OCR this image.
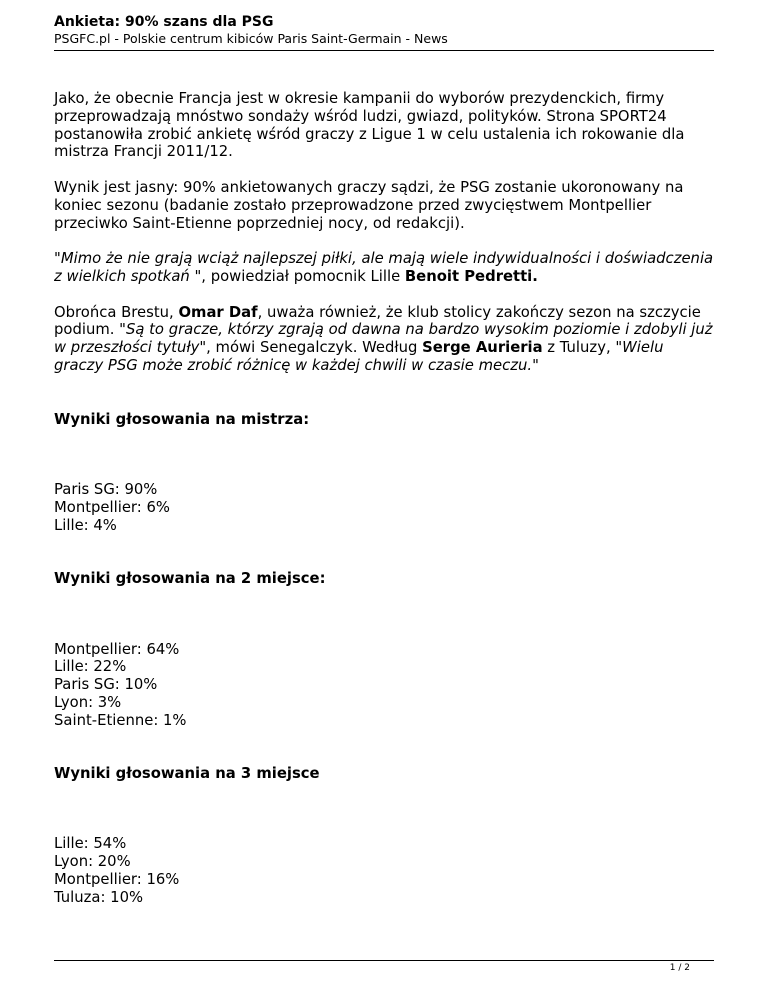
Ankieta: 90% szans dla PSG
PSGFC.pl - Polskie centrum kibiców Paris Saint-Germain - News

Jako, że obecnie Francja jest w okresie kampanii do wyborów prezydenckich, firmy przeprowadzają mnóstwo sondaży wśród ludzi, gwiazd, polityków. Strona SPORT24 postanowiła zrobić ankietę wśród graczy z Ligue 1 w celu ustalenia ich rokowanie dla mistrza Francji 2011/12.

Wynik jest jasny: 90% ankietowanych graczy sądzi, że PSG zostanie ukoronowany na koniec sezonu (badanie zostało przeprowadzone przed zwycięstwem Montpellier przeciwko Saint-Etienne poprzedniej nocy, od redakcji).

"Mimo że nie grają wciąż najlepszej piłki, ale mają wiele indywidualności i doświadczenia z wielkich spotkań ", powiedział pomocnik Lille Benoit Pedretti.

Obrońca Brestu, Omar Daf, uważa również, że klub stolicy zakończy sezon na szczycie podium. "Są to gracze, którzy zgrają od dawna na bardzo wysokim poziomie i zdobyli już w przeszłości tytuły", mówi Senegalczyk. Według Serge Aurieria z Tuluzy, "Wielu graczy PSG może zrobić różnicę w każdej chwili w czasie meczu."

Wyniki głosowania na mistrza:
Paris SG: 90%
Montpellier: 6%
Lille: 4%
Wyniki głosowania na 2 miejsce:
Montpellier: 64%
Lille: 22%
Paris SG: 10%
Lyon: 3%
Saint-Etienne: 1%
Wyniki głosowania na 3 miejsce
Lille: 54%
Lyon: 20%
Montpellier: 16%
Tuluza: 10%
1 / 2
